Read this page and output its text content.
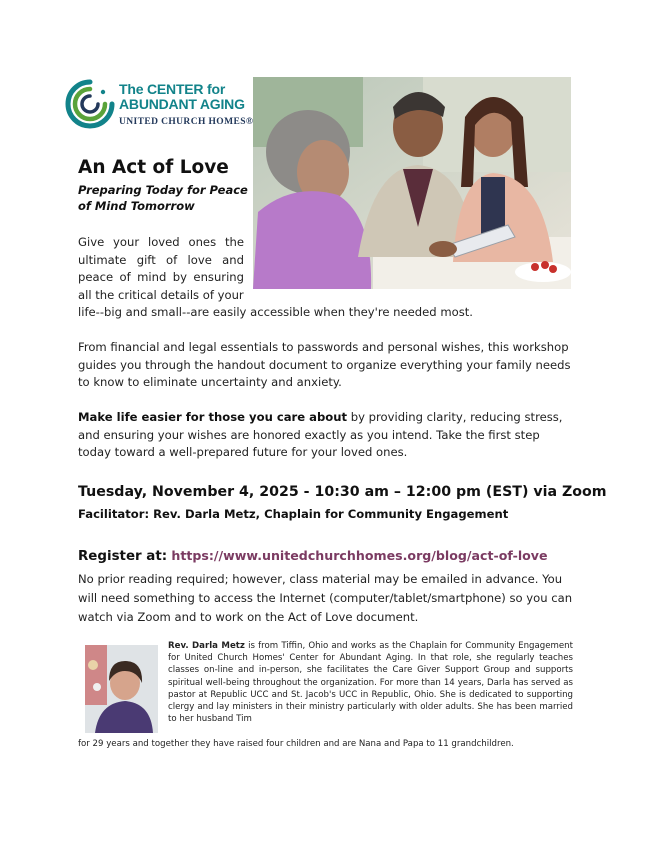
The CENTER for
ABUNDANT AGING
UNITED CHURCH HOMES®
An Act of Love
Preparing Today for Peace of Mind Tomorrow
Give your loved ones the ultimate gift of love and peace of mind by ensuring all the critical details of your
life--big and small--are easily accessible when they're needed most.
From financial and legal essentials to passwords and personal wishes, this workshop guides you through the handout document to organize everything your family needs to know to eliminate uncertainty and anxiety.
Make life easier for those you care about by providing clarity, reducing stress, and ensuring your wishes are honored exactly as you intend. Take the first step today toward a well-prepared future for your loved ones.
Tuesday, November 4, 2025 - 10:30 am – 12:00 pm (EST) via Zoom
Facilitator: Rev. Darla Metz, Chaplain for Community Engagement
Register at: https://www.unitedchurchhomes.org/blog/act-of-love
No prior reading required; however, class material may be emailed in advance. You will need something to access the Internet (computer/tablet/smartphone) so you can watch via Zoom and to work on the Act of Love document.
Rev. Darla Metz is from Tiffin, Ohio and works as the Chaplain for Community Engagement for United Church Homes' Center for Abundant Aging. In that role, she regularly teaches classes on-line and in-person, she facilitates the Care Giver Support Group and supports spiritual well-being throughout the organization. For more than 14 years, Darla has served as pastor at Republic UCC and St. Jacob's UCC in Republic, Ohio. She is dedicated to supporting clergy and lay ministers in their ministry particularly with older adults. She has been married to her husband Tim
for 29 years and together they have raised four children and are Nana and Papa to 11 grandchildren.
